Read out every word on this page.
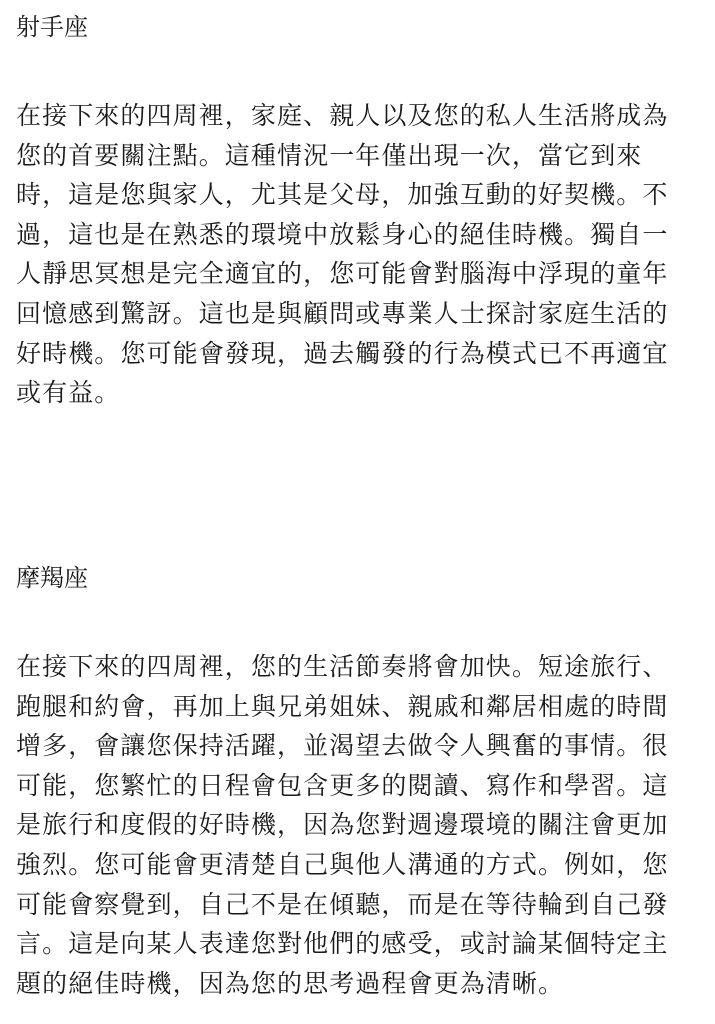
射手座
在接下來的四周裡，家庭、親人以及您的私人生活將成為
您的首要關注點。這種情況一年僅出現一次，當它到來
時，這是您與家人，尤其是父母，加強互動的好契機。不
過，這也是在熟悉的環境中放鬆身心的絕佳時機。獨自一
人靜思冥想是完全適宜的，您可能會對腦海中浮現的童年
回憶感到驚訝。這也是與顧問或專業人士探討家庭生活的
好時機。您可能會發現，過去觸發的行為模式已不再適宜
或有益。
摩羯座
在接下來的四周裡，您的生活節奏將會加快。短途旅行、
跑腿和約會，再加上與兄弟姐妹、親戚和鄰居相處的時間
增多，會讓您保持活躍，並渴望去做令人興奮的事情。很
可能，您繁忙的日程會包含更多的閱讀、寫作和學習。這
是旅行和度假的好時機，因為您對週邊環境的關注會更加
強烈。您可能會更清楚自己與他人溝通的方式。例如，您
可能會察覺到，自己不是在傾聽，而是在等待輪到自己發
言。這是向某人表達您對他們的感受，或討論某個特定主
題的絕佳時機，因為您的思考過程會更為清晰。
